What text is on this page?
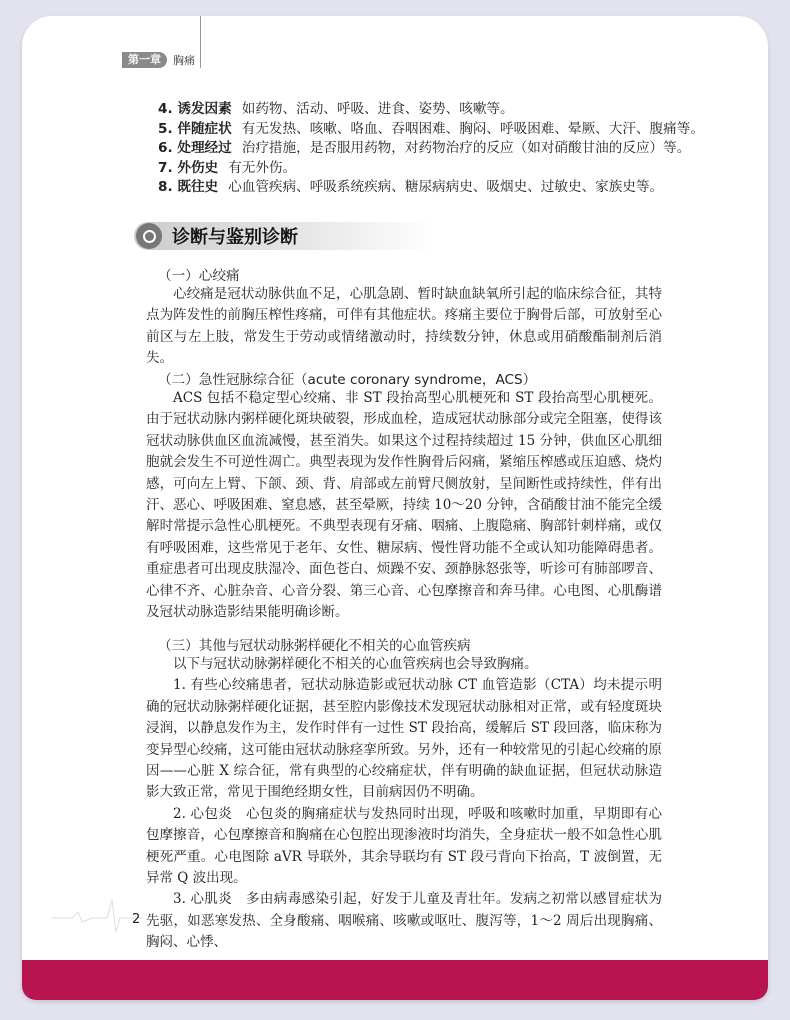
第一章	胸痛
4. 诱发因素 如药物、活动、呼吸、进食、姿势、咳嗽等。
5. 伴随症状 有无发热、咳嗽、咯血、吞咽困难、胸闷、呼吸困难、晕厥、大汗、腹痛等。
6. 处理经过 治疗措施，是否服用药物，对药物治疗的反应（如对硝酸甘油的反应）等。
7. 外伤史 有无外伤。
8. 既往史 心血管疾病、呼吸系统疾病、糖尿病病史、吸烟史、过敏史、家族史等。
诊断与鉴别诊断
（一）心绞痛

心绞痛是冠状动脉供血不足，心肌急剧、暂时缺血缺氧所引起的临床综合征，其特点为阵发性的前胸压榨性疼痛，可伴有其他症状。疼痛主要位于胸骨后部，可放射至心前区与左上肢，常发生于劳动或情绪激动时，持续数分钟，休息或用硝酸酯制剂后消失。

（二）急性冠脉综合征（acute coronary syndrome，ACS）

ACS 包括不稳定型心绞痛、非 ST 段抬高型心肌梗死和 ST 段抬高型心肌梗死。由于冠状动脉内粥样硬化斑块破裂，形成血栓，造成冠状动脉部分或完全阻塞，使得该冠状动脉供血区血流减慢，甚至消失。如果这个过程持续超过 15 分钟，供血区心肌细胞就会发生不可逆性凋亡。典型表现为发作性胸骨后闷痛，紧缩压榨感或压迫感、烧灼感，可向左上臂、下颌、颈、背、肩部或左前臂尺侧放射，呈间断性或持续性，伴有出汗、恶心、呼吸困难、窒息感，甚至晕厥，持续 10～20 分钟，含硝酸甘油不能完全缓解时常提示急性心肌梗死。不典型表现有牙痛、咽痛、上腹隐痛、胸部针刺样痛，或仅有呼吸困难，这些常见于老年、女性、糖尿病、慢性肾功能不全或认知功能障碍患者。重症患者可出现皮肤湿冷、面色苍白、烦躁不安、颈静脉怒张等，听诊可有肺部啰音、心律不齐、心脏杂音、心音分裂、第三心音、心包摩擦音和奔马律。心电图、心肌酶谱及冠状动脉造影结果能明确诊断。

（三）其他与冠状动脉粥样硬化不相关的心血管疾病

以下与冠状动脉粥样硬化不相关的心血管疾病也会导致胸痛。

1. 有些心绞痛患者，冠状动脉造影或冠状动脉 CT 血管造影（CTA）均未提示明确的冠状动脉粥样硬化证据，甚至腔内影像技术发现冠状动脉相对正常，或有轻度斑块浸润，以静息发作为主，发作时伴有一过性 ST 段抬高，缓解后 ST 段回落，临床称为变异型心绞痛，这可能由冠状动脉痉挛所致。另外，还有一种较常见的引起心绞痛的原因——心脏 X 综合征，常有典型的心绞痛症状，伴有明确的缺血证据，但冠状动脉造影大致正常，常见于围绝经期女性，目前病因仍不明确。

2. 心包炎　心包炎的胸痛症状与发热同时出现，呼吸和咳嗽时加重，早期即有心包摩擦音，心包摩擦音和胸痛在心包腔出现渗液时均消失，全身症状一般不如急性心肌梗死严重。心电图除 aVR 导联外，其余导联均有 ST 段弓背向下抬高，T 波倒置，无异常 Q 波出现。

3. 心肌炎　多由病毒感染引起，好发于儿童及青壮年。发病之初常以感冒症状为先驱，如恶寒发热、全身酸痛、咽喉痛、咳嗽或呕吐、腹泻等，1～2 周后出现胸痛、胸闷、心悸、

2
